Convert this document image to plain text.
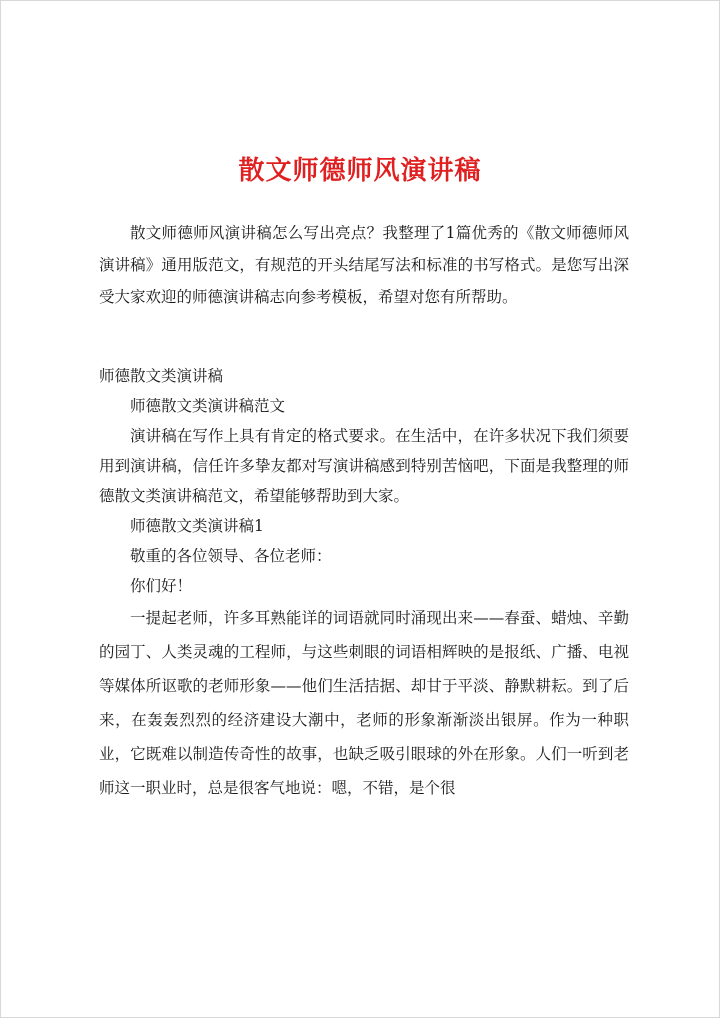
散文师德师风演讲稿

散文师德师风演讲稿怎么写出亮点？我整理了1篇优秀的《散文师德师风演讲稿》通用版范文，有规范的开头结尾写法和标准的书写格式。是您写出深受大家欢迎的师德演讲稿志向参考模板，希望对您有所帮助。

师德散文类演讲稿

师德散文类演讲稿范文

演讲稿在写作上具有肯定的格式要求。在生活中，在许多状况下我们须要用到演讲稿，信任许多挚友都对写演讲稿感到特别苦恼吧，下面是我整理的师德散文类演讲稿范文，希望能够帮助到大家。

师德散文类演讲稿1

敬重的各位领导、各位老师：

你们好！

一提起老师，许多耳熟能详的词语就同时涌现出来——春蚕、蜡烛、辛勤的园丁、人类灵魂的工程师，与这些刺眼的词语相辉映的是报纸、广播、电视等媒体所讴歌的老师形象——他们生活拮据、却甘于平淡、静默耕耘。到了后来，在轰轰烈烈的经济建设大潮中，老师的形象渐渐淡出银屏。作为一种职业，它既难以制造传奇性的故事，也缺乏吸引眼球的外在形象。人们一听到老师这一职业时，总是很客气地说：嗯，不错，是个很
